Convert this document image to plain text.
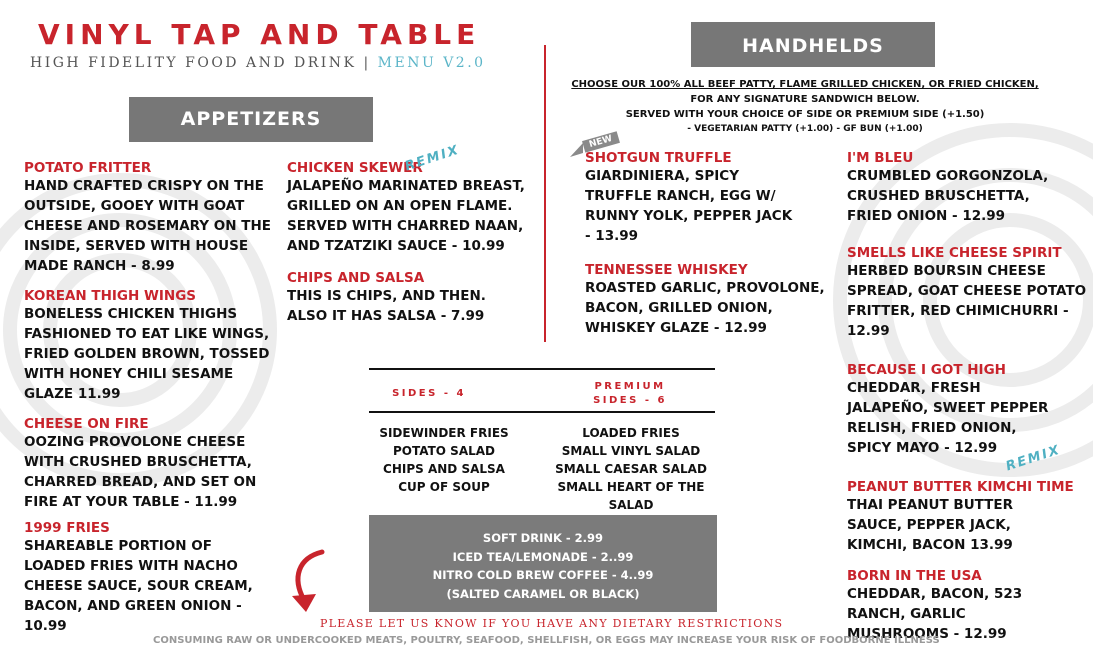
VINYL TAP AND TABLE
HIGH FIDELITY FOOD AND DRINK | MENU V2.0
APPETIZERS
POTATO FRITTER
HAND CRAFTED CRISPY ON THE OUTSIDE, GOOEY WITH GOAT CHEESE AND ROSEMARY ON THE INSIDE, SERVED WITH HOUSE MADE RANCH - 8.99
KOREAN THIGH WINGS
BONELESS CHICKEN THIGHS FASHIONED TO EAT LIKE WINGS, FRIED GOLDEN BROWN, TOSSED WITH HONEY CHILI SESAME GLAZE 11.99
CHEESE ON FIRE
OOZING PROVOLONE CHEESE WITH CRUSHED BRUSCHETTA, CHARRED BREAD, AND SET ON FIRE AT YOUR TABLE - 11.99
1999 FRIES
SHAREABLE PORTION OF LOADED FRIES WITH NACHO CHEESE SAUCE, SOUR CREAM, BACON, AND GREEN ONION - 10.99
CHICKEN SKEWER
JALAPEÑO MARINATED BREAST, GRILLED ON AN OPEN FLAME. SERVED WITH CHARRED NAAN, AND TZATZIKI SAUCE - 10.99
CHIPS AND SALSA
THIS IS CHIPS, AND THEN. ALSO IT HAS SALSA - 7.99
REMIX
HANDHELDS
CHOOSE OUR 100% ALL BEEF PATTY, FLAME GRILLED CHICKEN, OR FRIED CHICKEN,
FOR ANY SIGNATURE SANDWICH BELOW.
SERVED WITH YOUR CHOICE OF SIDE OR PREMIUM SIDE (+1.50)
- VEGETARIAN PATTY (+1.00) - GF BUN (+1.00)
NEW
SHOTGUN TRUFFLE
GIARDINIERA, SPICY TRUFFLE RANCH, EGG W/ RUNNY YOLK, PEPPER JACK - 13.99
TENNESSEE WHISKEY
ROASTED GARLIC, PROVOLONE, BACON, GRILLED ONION, WHISKEY GLAZE - 12.99
I'M BLEU
CRUMBLED GORGONZOLA, CRUSHED BRUSCHETTA, FRIED ONION - 12.99
SMELLS LIKE CHEESE SPIRIT
HERBED BOURSIN CHEESE SPREAD, GOAT CHEESE POTATO FRITTER, RED CHIMICHURRI - 12.99
BECAUSE I GOT HIGH
CHEDDAR, FRESH JALAPEÑO, SWEET PEPPER RELISH, FRIED ONION, SPICY MAYO - 12.99
PEANUT BUTTER KIMCHI TIME
THAI PEANUT BUTTER SAUCE, PEPPER JACK, KIMCHI, BACON 13.99
BORN IN THE USA
CHEDDAR, BACON, 523 RANCH, GARLIC MUSHROOMS - 12.99
REMIX
SIDES - 4
PREMIUM
SIDES - 6
SIDEWINDER FRIES
POTATO SALAD
CHIPS AND SALSA
CUP OF SOUP
LOADED FRIES
SMALL VINYL SALAD
SMALL CAESAR SALAD
SMALL HEART OF THE SALAD
SOFT DRINK - 2.99
ICED TEA/LEMONADE - 2..99
NITRO COLD BREW COFFEE - 4..99
(SALTED CARAMEL OR BLACK)
PLEASE LET US KNOW IF YOU HAVE ANY DIETARY RESTRICTIONS
CONSUMING RAW OR UNDERCOOKED MEATS, POULTRY, SEAFOOD, SHELLFISH, OR EGGS MAY INCREASE YOUR RISK OF FOODBORNE ILLNESS
